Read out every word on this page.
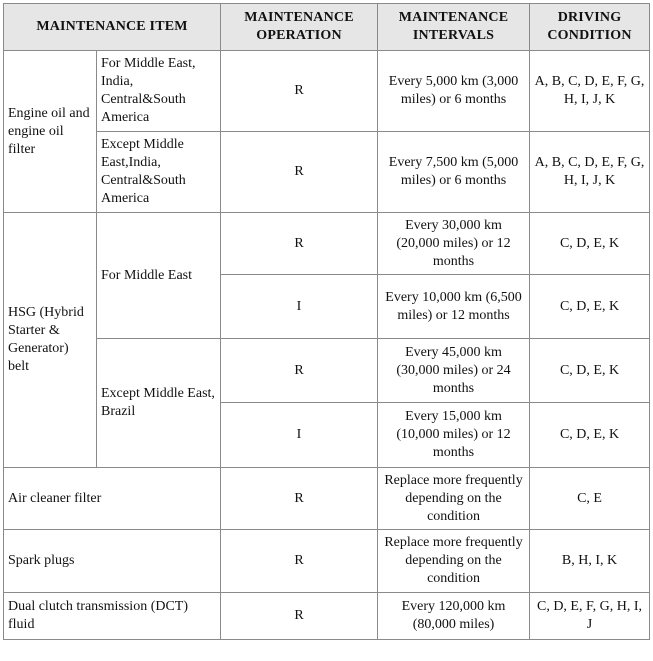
MAINTENANCE ITEM		MAINTENANCE OPERATION	MAINTENANCE INTERVALS	DRIVING CONDITION
Engine oil and engine oil filter	For Middle East, India, Central&South America	R	Every 5,000 km (3,000 miles) or 6 months	A, B, C, D, E, F, G, H, I, J, K
	Except Middle East,India, Central&South America	R	Every 7,500 km (5,000 miles) or 6 months	A, B, C, D, E, F, G, H, I, J, K
HSG (Hybrid Starter & Generator) belt	For Middle East	R	Every 30,000 km (20,000 miles) or 12 months	C, D, E, K
		I	Every 10,000 km (6,500 miles) or 12 months	C, D, E, K
	Except Middle East, Brazil	R	Every 45,000 km (30,000 miles) or 24 months	C, D, E, K
		I	Every 15,000 km (10,000 miles) or 12 months	C, D, E, K
Air cleaner filter		R	Replace more frequently depending on the condition	C, E
Spark plugs		R	Replace more frequently depending on the condition	B, H, I, K
Dual clutch transmission (DCT) fluid		R	Every 120,000 km (80,000 miles)	C, D, E, F, G, H, I, J
